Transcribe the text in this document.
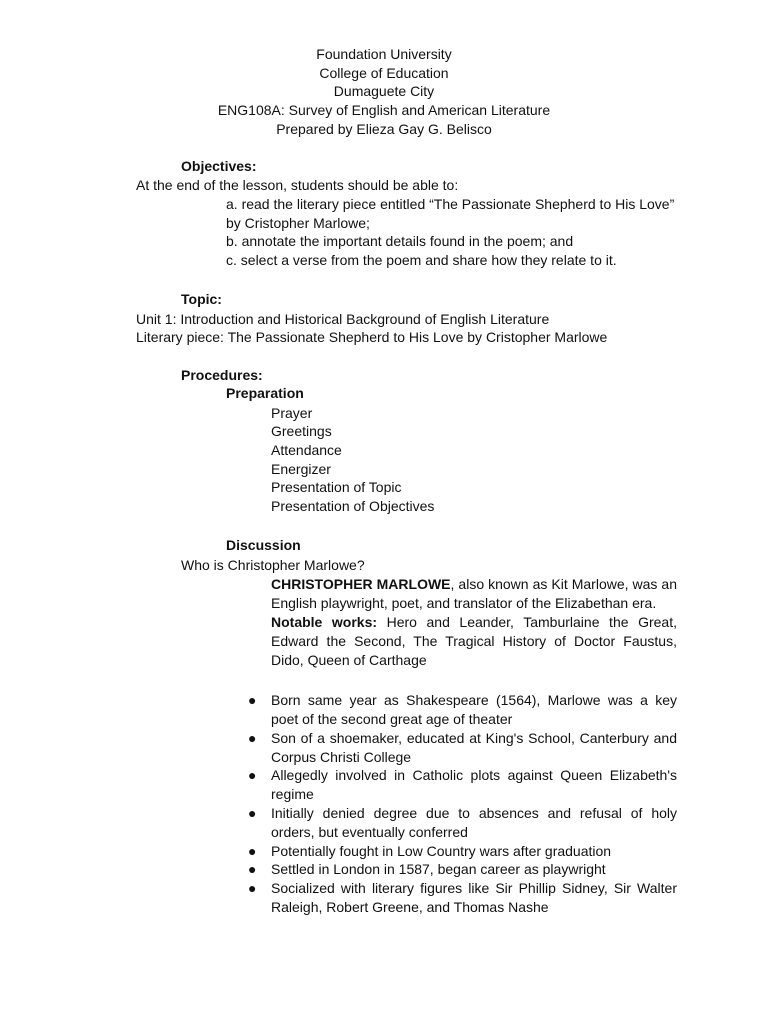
Foundation University
College of Education
Dumaguete City
ENG108A: Survey of English and American Literature
Prepared by Elieza Gay G. Belisco
Objectives:
At the end of the lesson, students should be able to:
a. read the literary piece entitled “The Passionate Shepherd to His Love”
by Cristopher Marlowe;
b. annotate the important details found in the poem; and
c. select a verse from the poem and share how they relate to it.
Topic:
Unit 1: Introduction and Historical Background of English Literature
Literary piece: The Passionate Shepherd to His Love by Cristopher Marlowe
Procedures:
Preparation
Prayer
Greetings
Attendance
Energizer
Presentation of Topic
Presentation of Objectives
Discussion
Who is Christopher Marlowe?
CHRISTOPHER MARLOWE, also known as Kit Marlowe, was an English playwright, poet, and translator of the Elizabethan era.
Notable works: Hero and Leander, Tamburlaine the Great, Edward the Second, The Tragical History of Doctor Faustus, Dido, Queen of Carthage
● Born same year as Shakespeare (1564), Marlowe was a key poet of the second great age of theater
● Son of a shoemaker, educated at King's School, Canterbury and Corpus Christi College
● Allegedly involved in Catholic plots against Queen Elizabeth's regime
● Initially denied degree due to absences and refusal of holy orders, but eventually conferred
● Potentially fought in Low Country wars after graduation
● Settled in London in 1587, began career as playwright
● Socialized with literary figures like Sir Phillip Sidney, Sir Walter Raleigh, Robert Greene, and Thomas Nashe
